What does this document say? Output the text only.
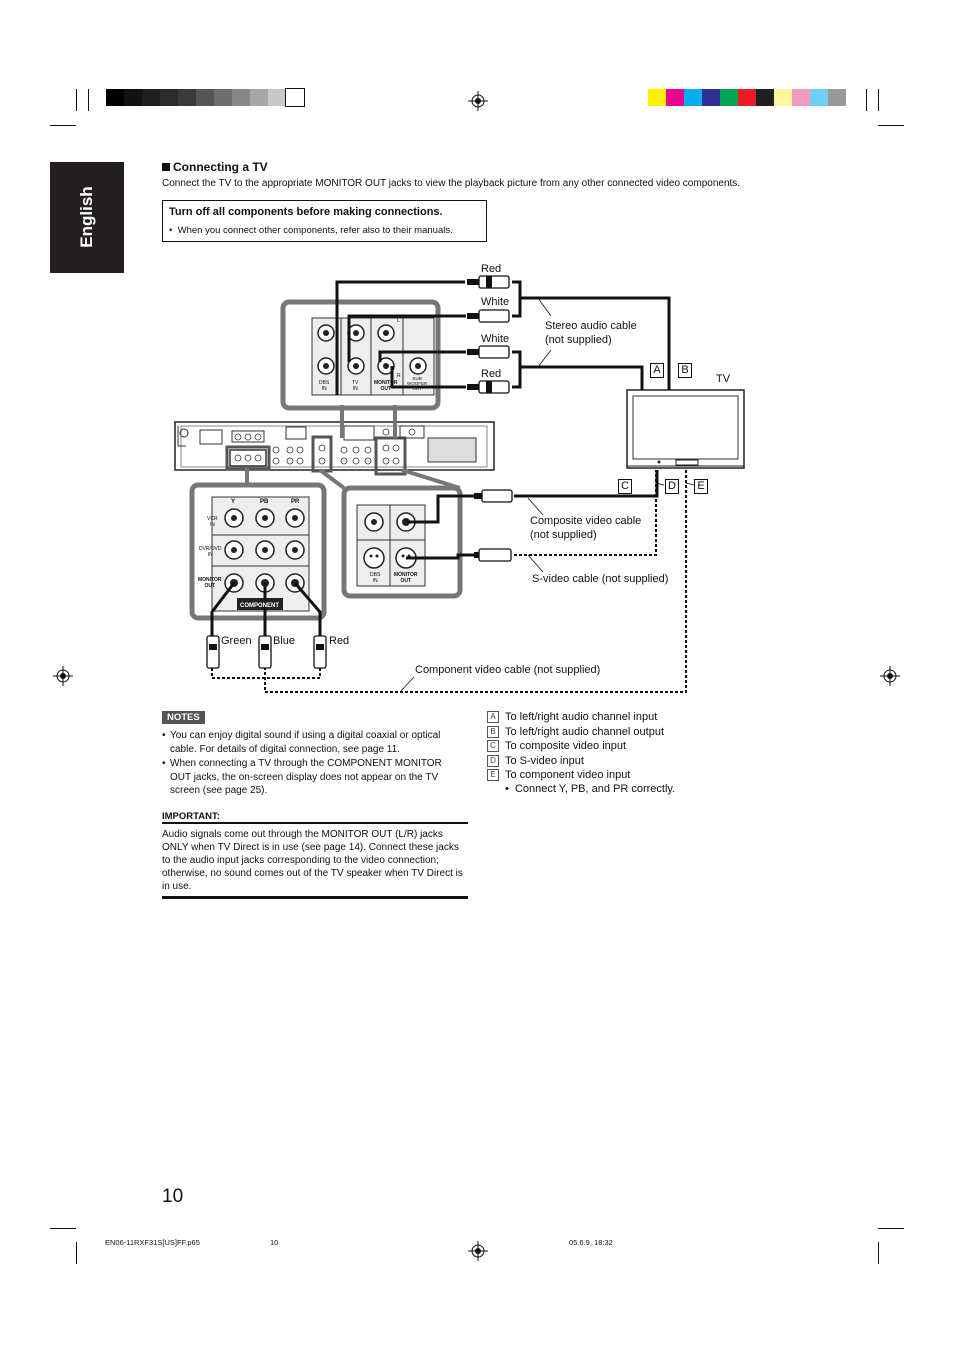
English
Connecting a TV
Connect the TV to the appropriate MONITOR OUT jacks to view the playback picture from any other connected video components.
Turn off all components before making connections.
•  When you connect other components, refer also to their manuals.
L
R
DBS
IN
TV
IN
MONITOR
OUT
SUB
WOOFER
OUT
Y	PB	PR
VCR
IN
DVR/DVD
IN
MONITOR
OUT
COMPONENT
DBS
IN
MONITOR
OUT
Red
White
White
Red
Stereo audio cable
(not supplied)
TV
Composite video cable
(not supplied)
S-video cable (not supplied)
Green Blue	Red
Component video cable (not supplied)
A	B
C	D	E
NOTES
• You can enjoy digital sound if using a digital coaxial or optical cable. For details of digital connection, see page 11.
• When connecting a TV through the COMPONENT MONITOR OUT jacks, the on-screen display does not appear on the TV screen (see page 25).
IMPORTANT:
Audio signals come out through the MONITOR OUT (L/R) jacks ONLY when TV Direct is in use (see page 14). Connect these jacks to the audio input jacks corresponding to the video connection; otherwise, no sound comes out of the TV speaker when TV Direct is in use.
A To left/right audio channel input
B To left/right audio channel output
C To composite video input
D To S-video input
E To component video input
•  Connect Y, PB, and PR correctly.
10
EN06-11RXF31S[US]FF.p65	10	05.6.9, 18:32
